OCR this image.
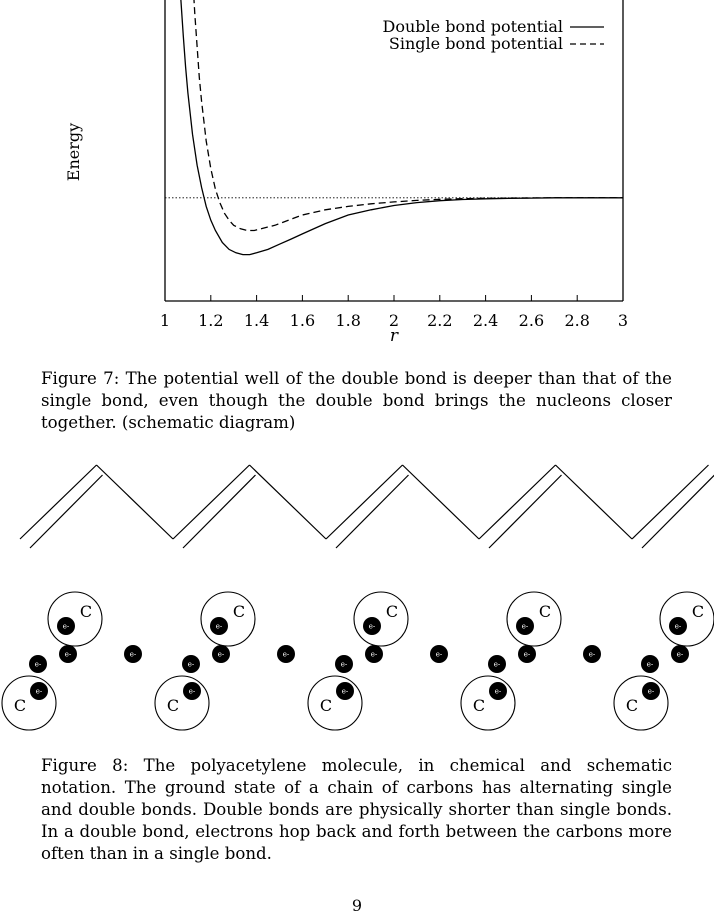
1 1.2 1.4 1.6 1.8 2 2.2 2.4 2.6 2.8 3
r
Energy
Double bond potential
Single bond potential

Figure 7: The potential well of the double bond is deeper than that of the single bond, even though the double bond brings the nucleons closer together. (schematic diagram)

C
C
e-
e-
e-
e-	e-
C
C
e-
e-
e-
e-	e-
C
C
e-
e-
e-
e-	e-
C
C
e-
e-
e-
e-	e-
C
C
e-
e-
e-
e-

Figure 8: The polyacetylene molecule, in chemical and schematic notation. The ground state of a chain of carbons has alternating single and double bonds. Double bonds are physically shorter than single bonds. In a double bond, electrons hop back and forth between the carbons more often than in a single bond.

9
